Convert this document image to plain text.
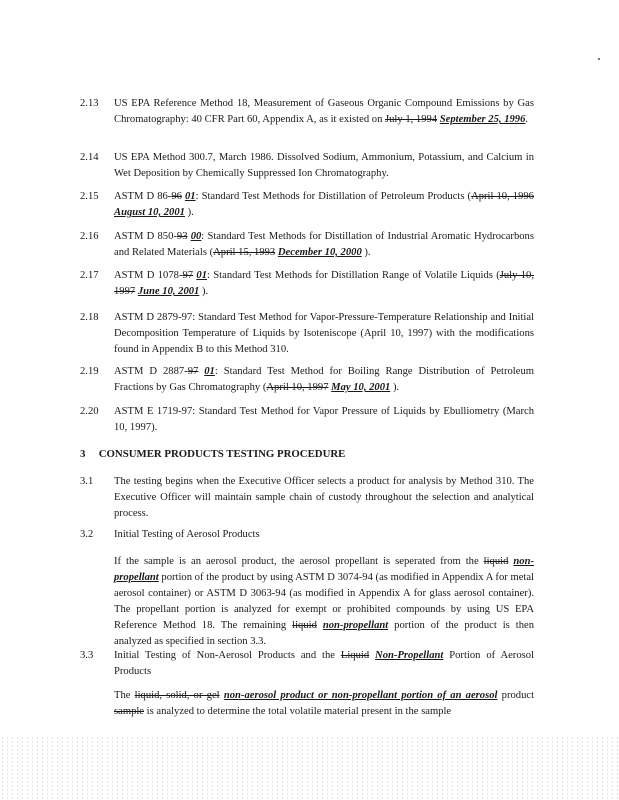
2.13	US EPA Reference Method 18, Measurement of Gaseous Organic Compound Emissions by Gas Chromatography: 40 CFR Part 60, Appendix A, as it existed on July 1, 1994 September 25, 1996.
2.14	US EPA Method 300.7, March 1986. Dissolved Sodium, Ammonium, Potassium, and Calcium in Wet Deposition by Chemically Suppressed Ion Chromatography.
2.15	ASTM D 86-96 01: Standard Test Methods for Distillation of Petroleum Products (April 10, 1996 August 10, 2001 ).
2.16	ASTM D 850-93 00: Standard Test Methods for Distillation of Industrial Aromatic Hydrocarbons and Related Materials (April 15, 1993 December 10, 2000 ).
2.17	ASTM D 1078-97 01: Standard Test Methods for Distillation Range of Volatile Liquids (July 10, 1997 June 10, 2001 ).
2.18	ASTM D 2879-97: Standard Test Method for Vapor-Pressure-Temperature Relationship and Initial Decomposition Temperature of Liquids by Isoteniscope (April 10, 1997) with the modifications found in Appendix B to this Method 310.
2.19	ASTM D 2887-97 01: Standard Test Method for Boiling Range Distribution of Petroleum Fractions by Gas Chromatography (April 10, 1997 May 10, 2001 ).
2.20	ASTM E 1719-97: Standard Test Method for Vapor Pressure of Liquids by Ebulliometry (March 10, 1997).
3 CONSUMER PRODUCTS TESTING PROCEDURE
3.1	The testing begins when the Executive Officer selects a product for analysis by Method 310. The Executive Officer will maintain sample chain of custody throughout the selection and analytical process.
3.2	Initial Testing of Aerosol Products
If the sample is an aerosol product, the aerosol propellant is seperated from the liquid non-propellant portion of the product by using ASTM D 3074-94 (as modified in Appendix A for metal aerosol container) or ASTM D 3063-94 (as modified in Appendix A for glass aerosol container). The propellant portion is analyzed for exempt or prohibited compounds by using US EPA Reference Method 18. The remaining liquid non-propellant portion of the product is then analyzed as specified in section 3.3.
3.3	Initial Testing of Non-Aerosol Products and the Liquid Non-Propellant Portion of Aerosol Products
The liquid, solid, or gel non-aerosol product or non-propellant portion of an aerosol product sample is analyzed to determine the total volatile material present in the sample
